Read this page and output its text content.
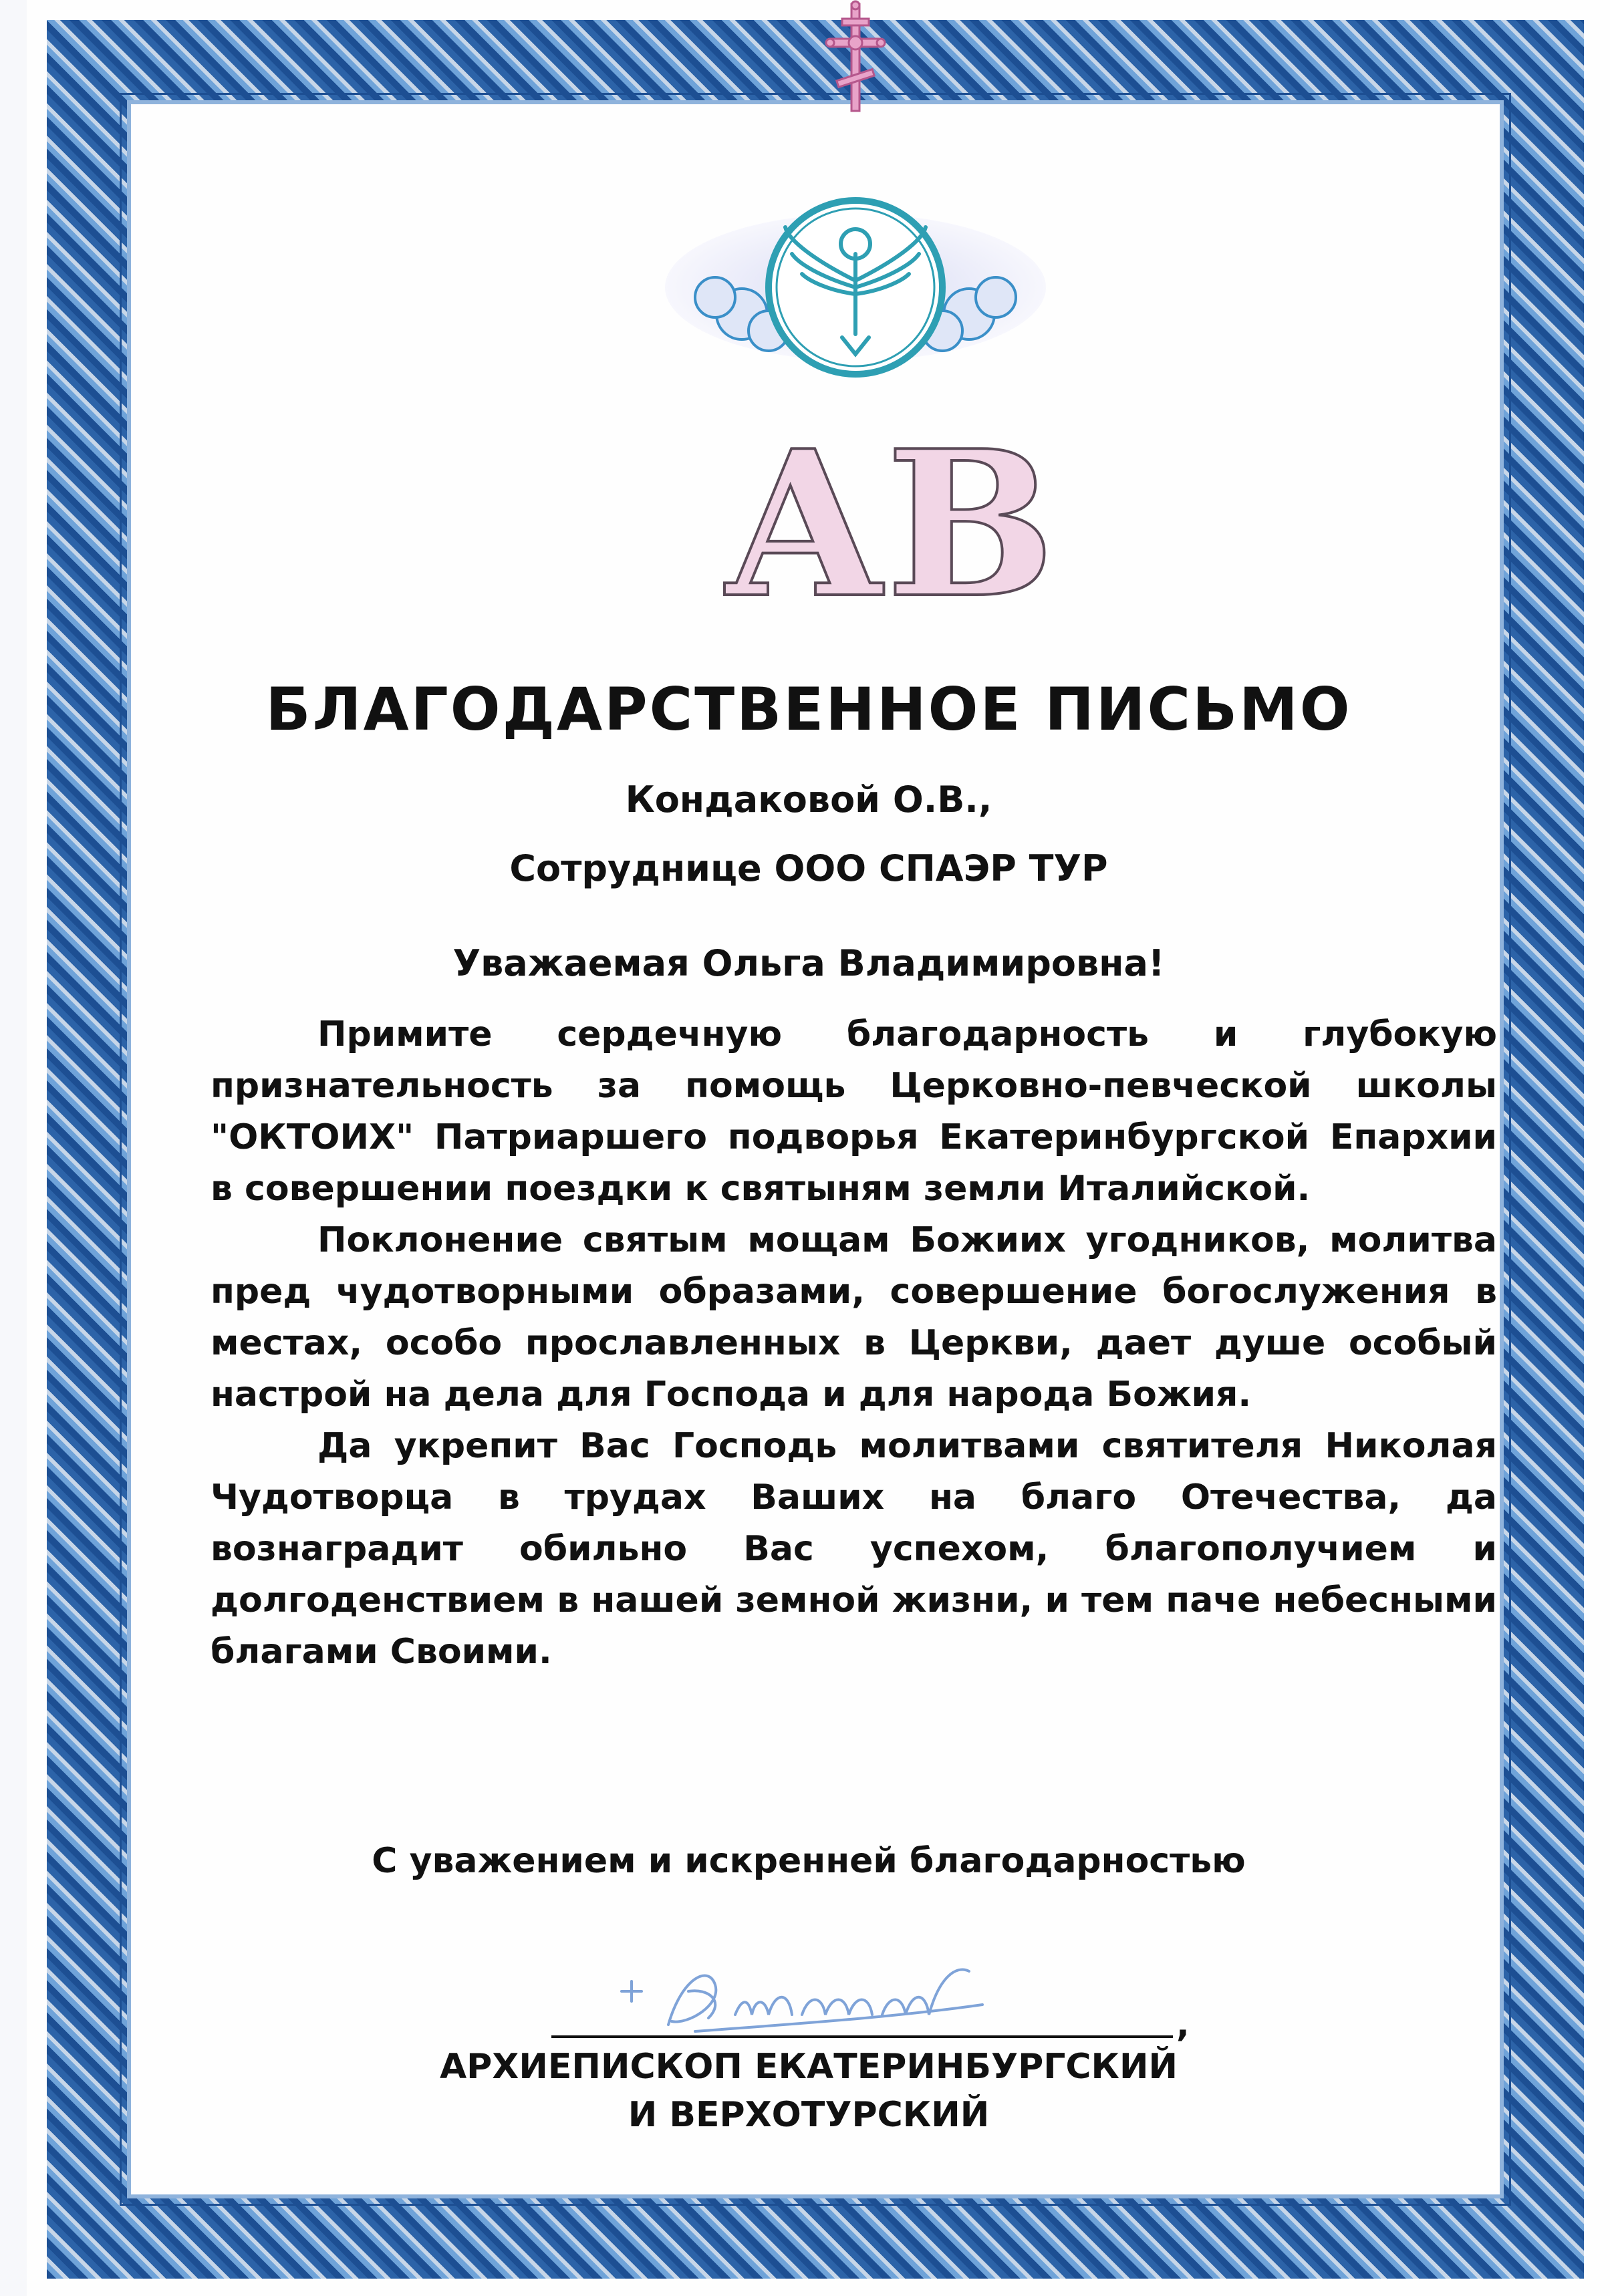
АВ
БЛАГОДАРСТВЕННОЕ ПИСЬМО
Кондаковой О.В.,
Сотруднице ООО СПАЭР ТУР
Уважаемая Ольга Владимировна!

Примите сердечную благодарность и глубокую признательность за помощь Церковно-певческой школы "ОКТОИХ" Патриаршего подворья Екатеринбургской Епархии в совершении поездки к святыням земли Италийской.

Поклонение святым мощам Божиих угодников, молитва пред чудотворными образами, совершение богослужения в местах, особо прославленных в Церкви, дает душе особый настрой на дела для Господа и для народа Божия.

Да укрепит Вас Господь молитвами святителя Николая Чудотворца в трудах Ваших на благо Отечества, да вознаградит обильно Вас успехом, благополучием и долгоденствием в нашей земной жизни, и тем паче небесными благами Своими.

С уважением и искренней благодарностью
,
АРХИЕПИСКОП ЕКАТЕРИНБУРГСКИЙ
И ВЕРХОТУРСКИЙ
